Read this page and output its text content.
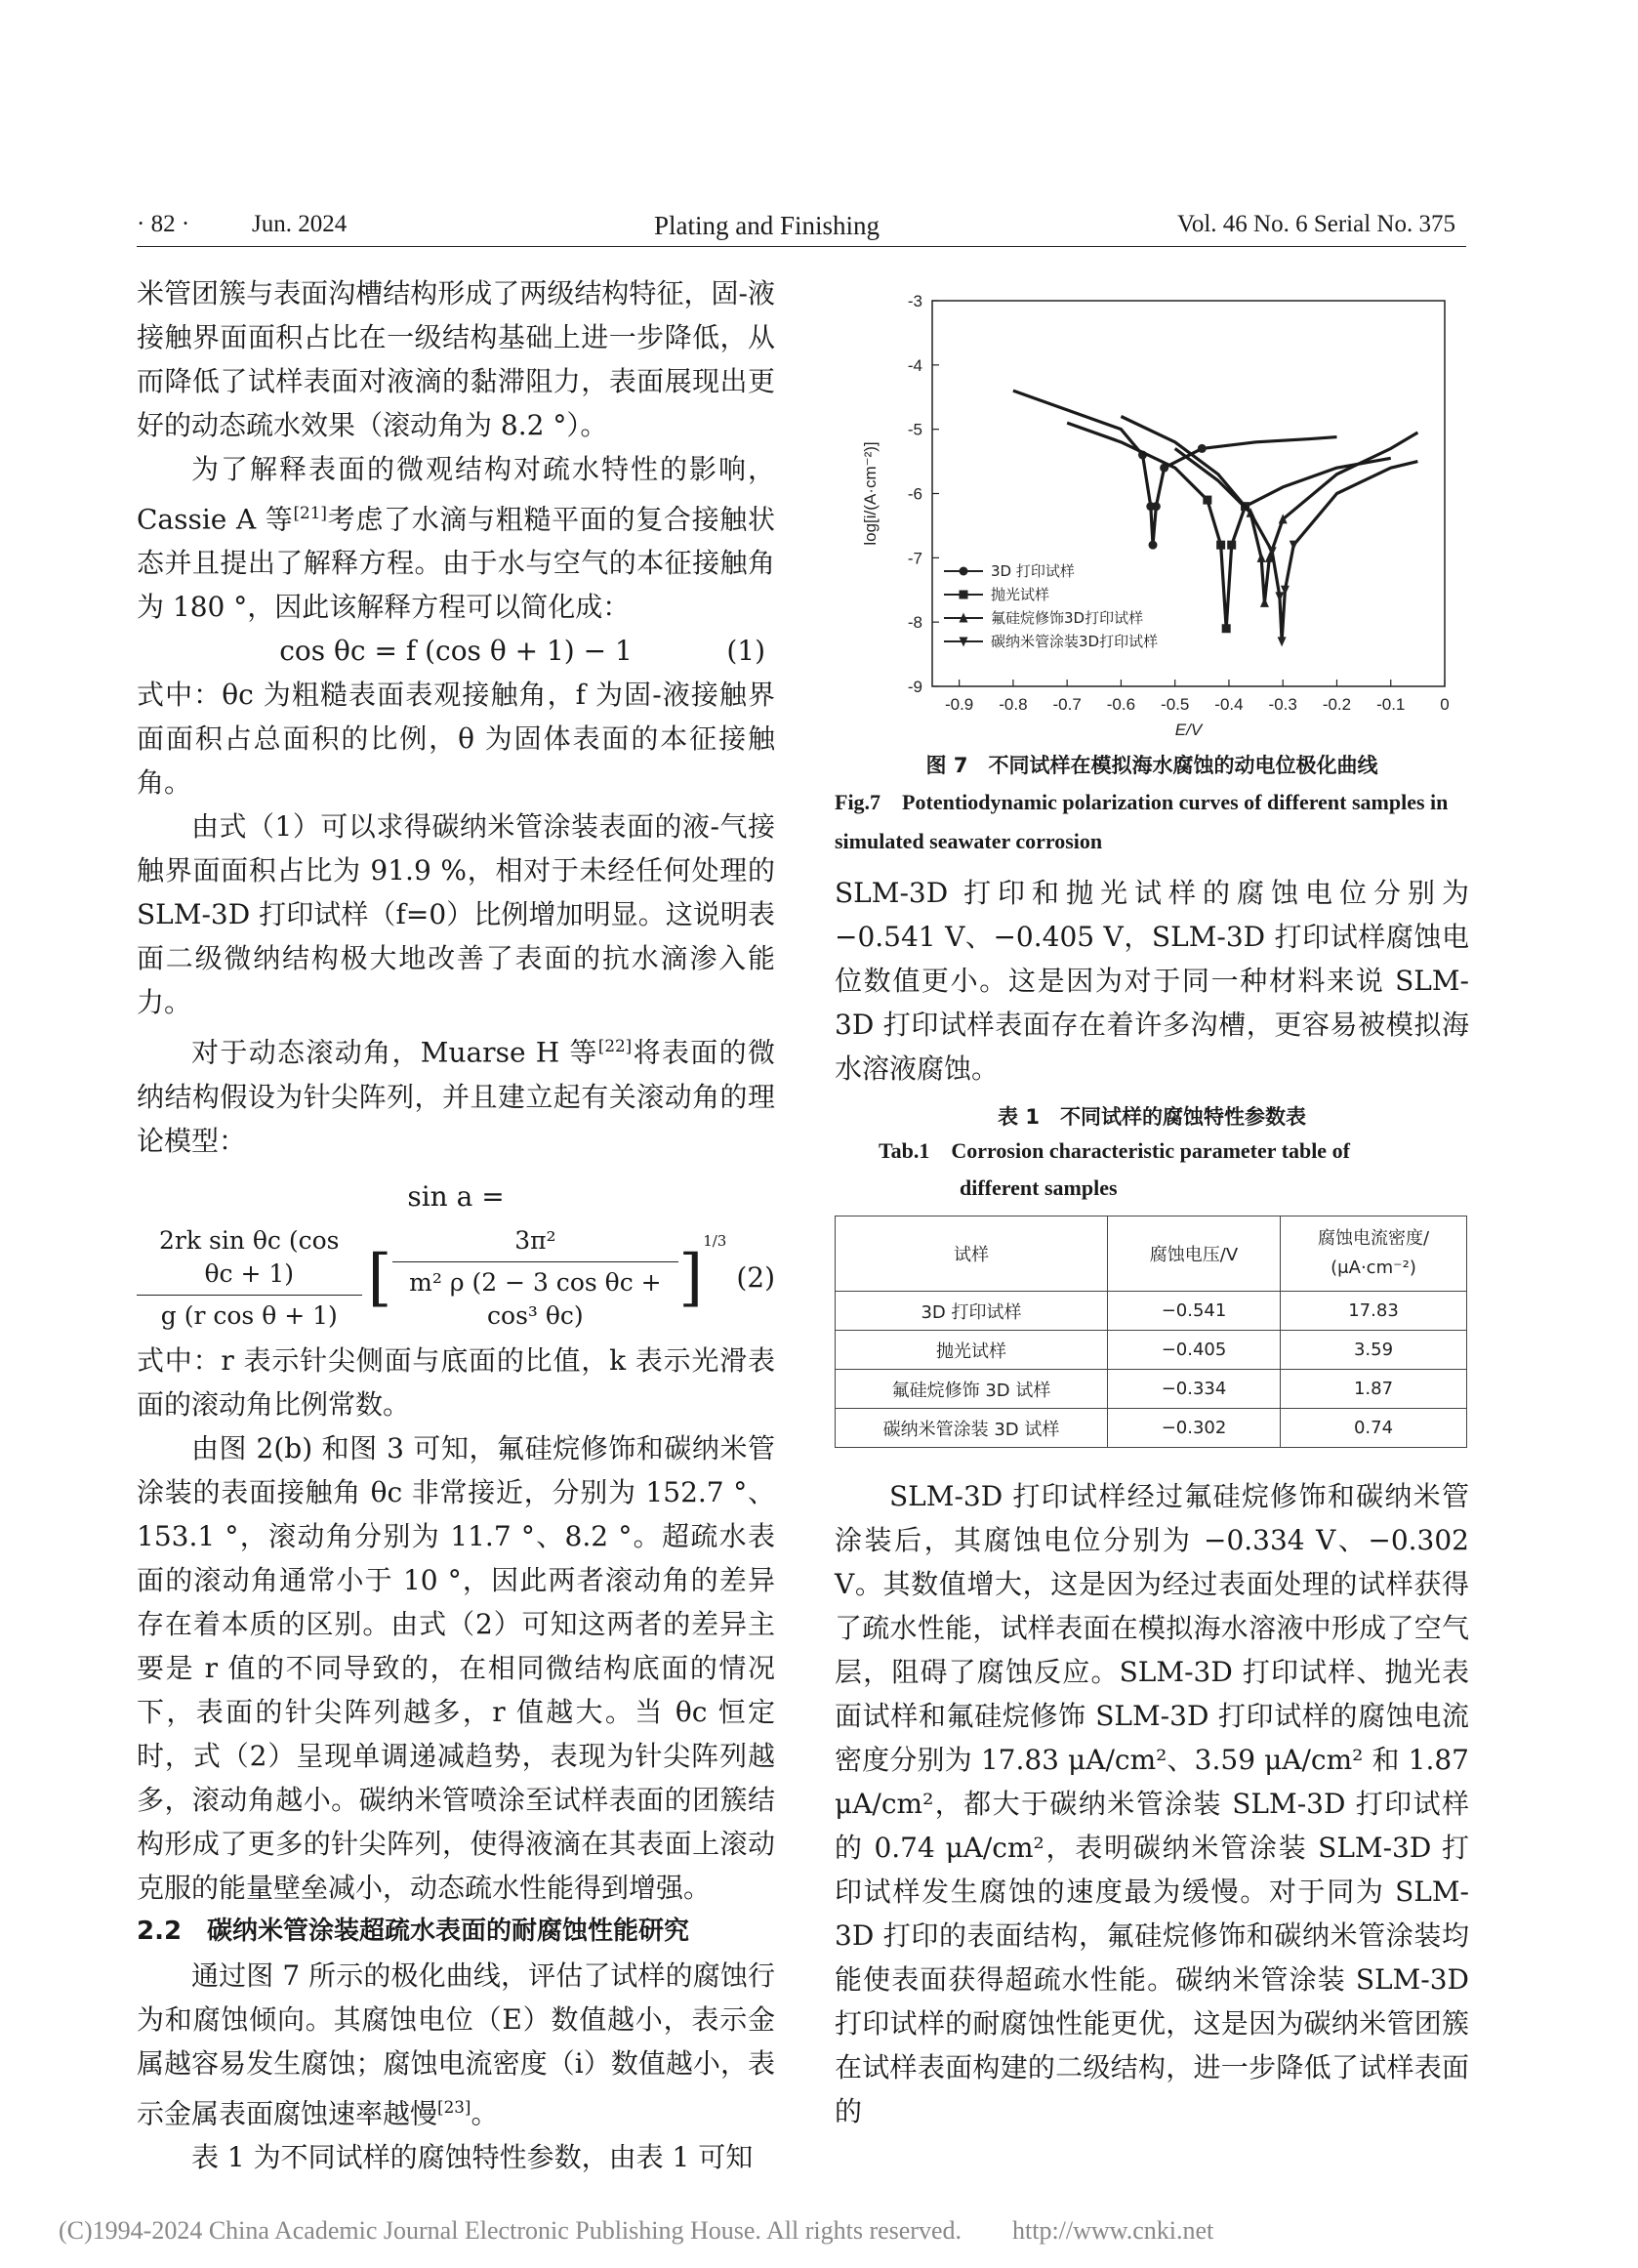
· 82 ·	Jun. 2024	Plating and Finishing	Vol. 46 No. 6 Serial No. 375

米管团簇与表面沟槽结构形成了两级结构特征，固-液接触界面面积占比在一级结构基础上进一步降低，从而降低了试样表面对液滴的黏滞阻力，表面展现出更好的动态疏水效果（滚动角为 8.2 °）。

为了解释表面的微观结构对疏水特性的影响，Cassie A 等[21]考虑了水滴与粗糙平面的复合接触状态并且提出了解释方程。由于水与空气的本征接触角为 180 °，因此该解释方程可以简化成：

cos θc = f (cos θ + 1) − 1	(1)

式中：θc 为粗糙表面表观接触角，f 为固-液接触界面面积占总面积的比例，θ 为固体表面的本征接触角。

由式（1）可以求得碳纳米管涂装表面的液-气接触界面面积占比为 91.9 %，相对于未经任何处理的 SLM-3D 打印试样（f=0）比例增加明显。这说明表面二级微纳结构极大地改善了表面的抗水滴渗入能力。

对于动态滚动角，Muarse H 等[22]将表面的微纳结构假设为针尖阵列，并且建立起有关滚动角的理论模型：

sin a =

$\frac{\text{2rk sin θc (cos θc + 1)}}{\text{g (r cos θ + 1)}}$ [ $\frac{\text{3π²}}{\text{m² ρ (2 − 3 cos θc + cos³ θc)}}$ ]
$^{1/3}$
(2)

式中：r 表示针尖侧面与底面的比值，k 表示光滑表面的滚动角比例常数。

由图 2(b) 和图 3 可知，氟硅烷修饰和碳纳米管涂装的表面接触角 θc 非常接近，分别为 152.7 °、153.1 °，滚动角分别为 11.7 °、8.2 °。超疏水表面的滚动角通常小于 10 °，因此两者滚动角的差异存在着本质的区别。由式（2）可知这两者的差异主要是 r 值的不同导致的，在相同微结构底面的情况下，表面的针尖阵列越多，r 值越大。当 θc 恒定时，式（2）呈现单调递减趋势，表现为针尖阵列越多，滚动角越小。碳纳米管喷涂至试样表面的团簇结构形成了更多的针尖阵列，使得液滴在其表面上滚动克服的能量壁垒减小，动态疏水性能得到增强。

2.2　碳纳米管涂装超疏水表面的耐腐蚀性能研究

通过图 7 所示的极化曲线，评估了试样的腐蚀行为和腐蚀倾向。其腐蚀电位（E）数值越小，表示金属越容易发生腐蚀；腐蚀电流密度（i）数值越小，表示金属表面腐蚀速率越慢[23]。

表 1 为不同试样的腐蚀特性参数，由表 1 可知

-0.9 -0.8 -0.7 -0.6 -0.5 -0.4 -0.3 -0.2 -0.1 0
-3
-4
-5
-6
-7
-8
-9
E/V
log[i/(A·cm⁻²)]
3D 打印试样
抛光试样
氟硅烷修饰3D打印试样
碳纳米管涂装3D打印试样
图 7　不同试样在模拟海水腐蚀的动电位极化曲线
Fig.7　Potentiodynamic polarization curves of different samples in simulated seawater corrosion

SLM-3D 打印和抛光试样的腐蚀电位分别为 −0.541 V、−0.405 V，SLM-3D 打印试样腐蚀电位数值更小。这是因为对于同一种材料来说 SLM-3D 打印试样表面存在着许多沟槽，更容易被模拟海水溶液腐蚀。

表 1　不同试样的腐蚀特性参数表
Tab.1　Corrosion characteristic parameter table of
different samples
试样	腐蚀电压/V	腐蚀电流密度/
(μA·cm⁻²)

3D 打印试样	−0.541	17.83
抛光试样	−0.405	3.59
氟硅烷修饰 3D 试样	−0.334	1.87
碳纳米管涂装 3D 试样	−0.302	0.74

SLM-3D 打印试样经过氟硅烷修饰和碳纳米管涂装后，其腐蚀电位分别为 −0.334 V、−0.302 V。其数值增大，这是因为经过表面处理的试样获得了疏水性能，试样表面在模拟海水溶液中形成了空气层，阻碍了腐蚀反应。SLM-3D 打印试样、抛光表面试样和氟硅烷修饰 SLM-3D 打印试样的腐蚀电流密度分别为 17.83 μA/cm²、3.59 μA/cm² 和 1.87 μA/cm²，都大于碳纳米管涂装 SLM-3D 打印试样的 0.74 μA/cm²，表明碳纳米管涂装 SLM-3D 打印试样发生腐蚀的速度最为缓慢。对于同为 SLM-3D 打印的表面结构，氟硅烷修饰和碳纳米管涂装均能使表面获得超疏水性能。碳纳米管涂装 SLM-3D 打印试样的耐腐蚀性能更优，这是因为碳纳米管团簇在试样表面构建的二级结构，进一步降低了试样表面的

(C)1994-2024 China Academic Journal Electronic Publishing House. All rights reserved.　　http://www.cnki.net
